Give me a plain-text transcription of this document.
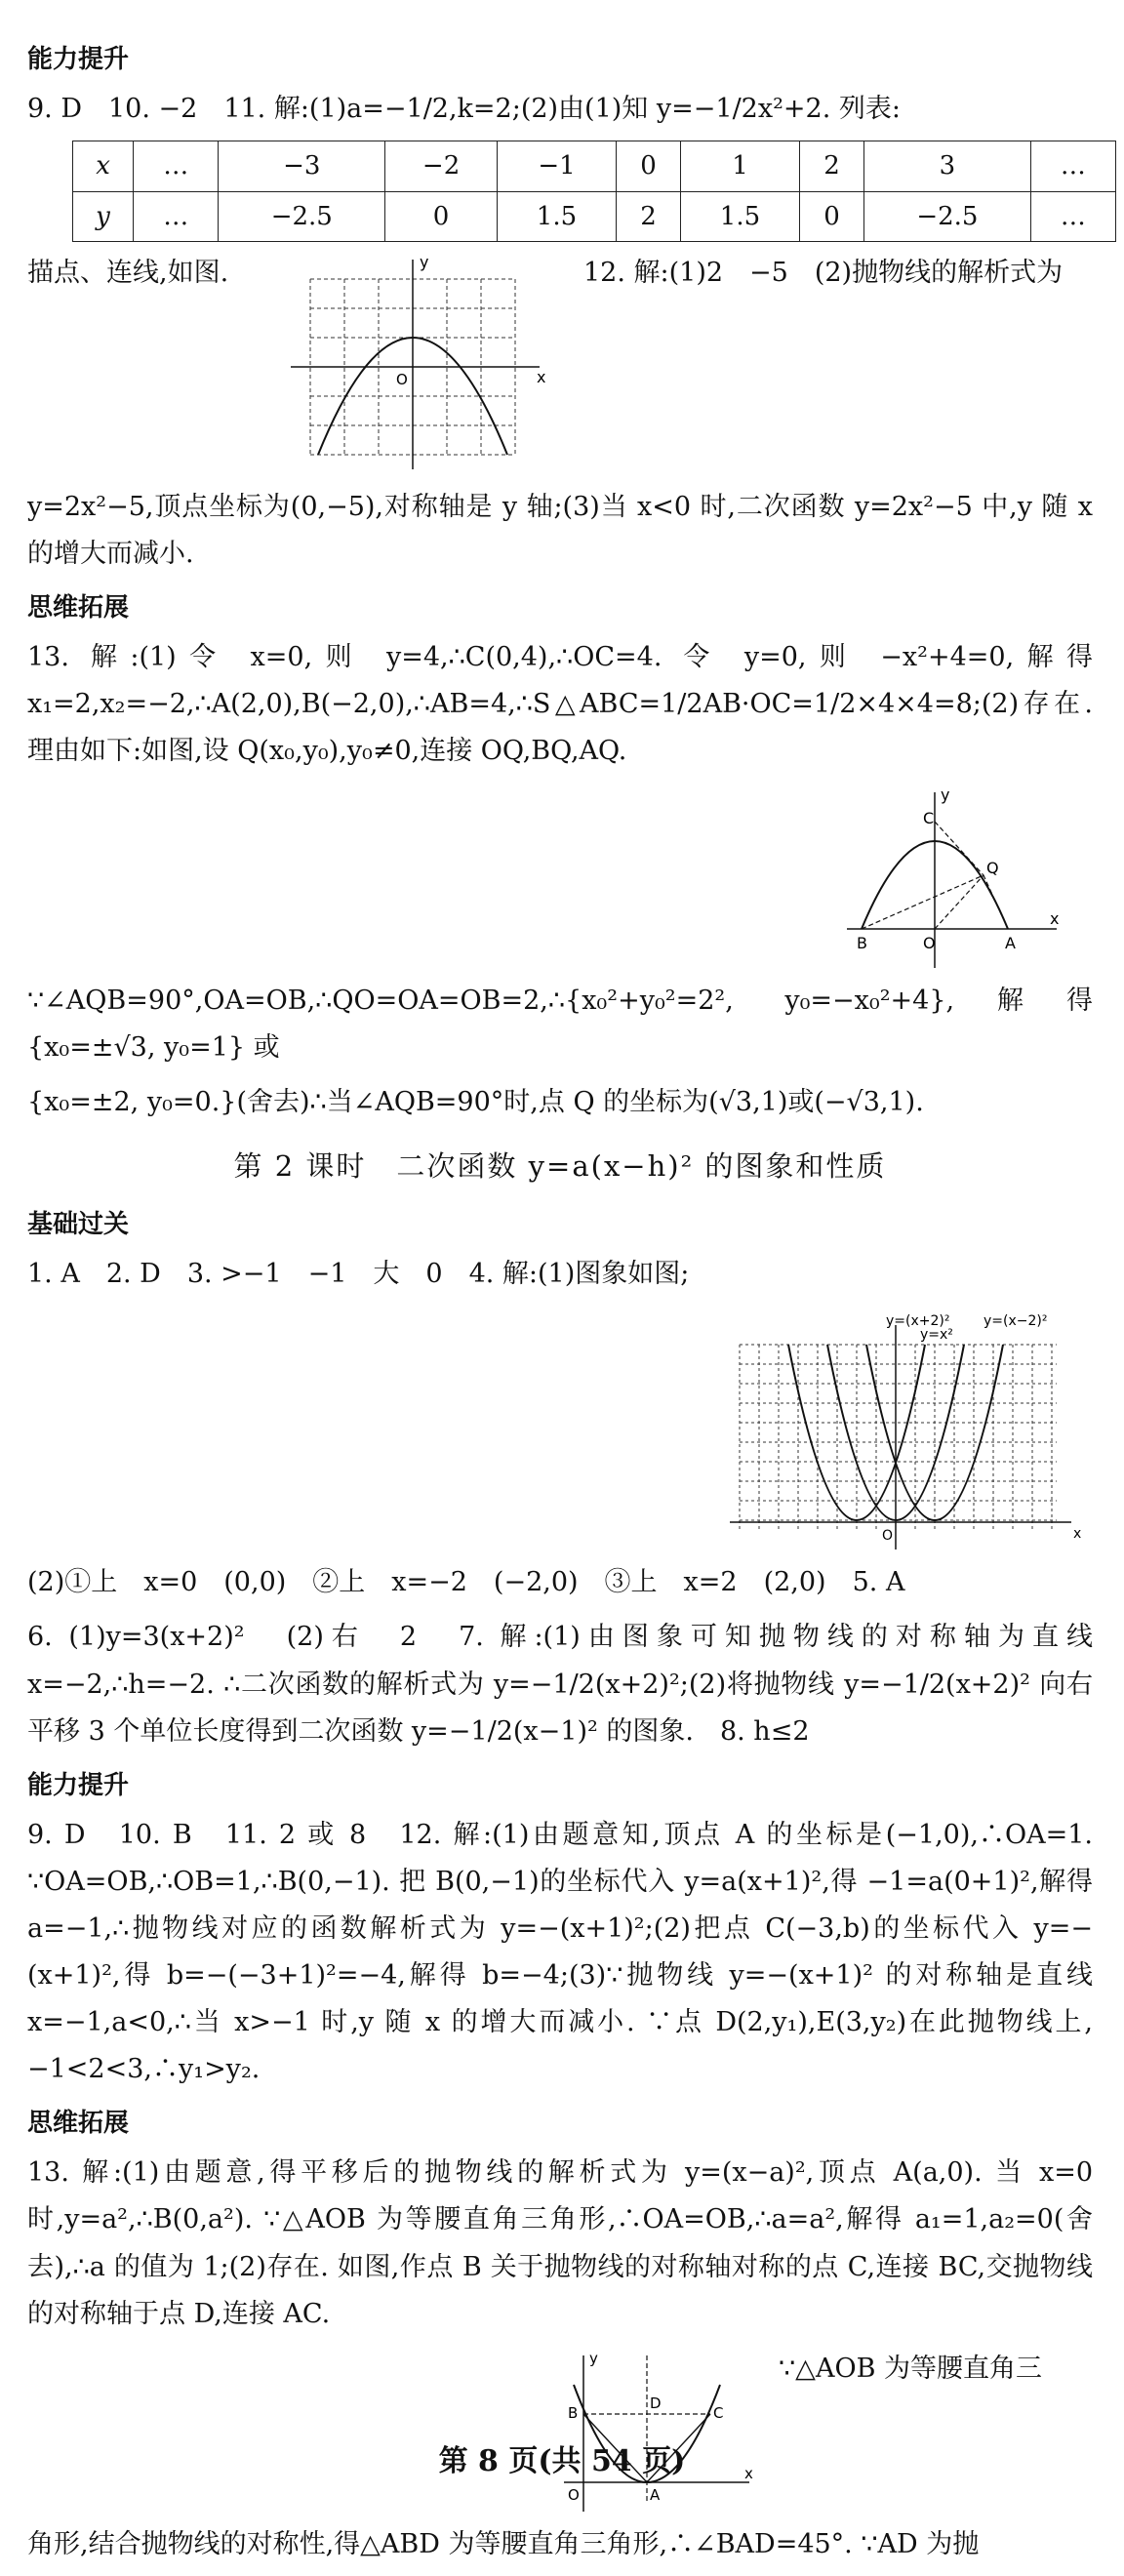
能力提升

9. D　10. −2　11. 解:(1)a=−1/2,k=2;(2)由(1)知 y=−1/2x²+2. 列表:

x	…	−3	−2	−1	0	1	2	3	…
y	…	−2.5	0	1.5	2	1.5	0	−2.5	…
描点、连线,如图.	y
x
O
12. 解:(1)2　−5　(2)抛物线的解析式为

y=2x²−5,顶点坐标为(0,−5),对称轴是 y 轴;(3)当 x<0 时,二次函数 y=2x²−5 中,y 随 x 的增大而减小.

思维拓展

13. 解:(1)令 x=0,则 y=4,∴C(0,4),∴OC=4. 令 y=0,则 −x²+4=0,解得 x₁=2,x₂=−2,∴A(2,0),B(−2,0),∴AB=4,∴S△ABC=1/2AB·OC=1/2×4×4=8;(2)存在. 理由如下:如图,设 Q(x₀,y₀),y₀≠0,连接 OQ,BQ,AQ.

y
x
C
Q
B	O	A

∵∠AQB=90°,OA=OB,∴QO=OA=OB=2,∴{x₀²+y₀²=2², y₀=−x₀²+4},解得 {x₀=±√3, y₀=1} 或

{x₀=±2, y₀=0.}(舍去)∴当∠AQB=90°时,点 Q 的坐标为(√3,1)或(−√3,1).

第 2 课时　二次函数 y=a(x−h)² 的图象和性质
基础过关

1. A　2. D　3. >−1　−1　大　0　4. 解:(1)图象如图;

y=(x+2)²
y=x²
y=(x−2)²
O	x

(2)①上　x=0　(0,0)　②上　x=−2　(−2,0)　③上　x=2　(2,0)　5. A

6. (1)y=3(x+2)²　(2)右　2　7. 解:(1)由图象可知抛物线的对称轴为直线 x=−2,∴h=−2. ∴二次函数的解析式为 y=−1/2(x+2)²;(2)将抛物线 y=−1/2(x+2)² 向右平移 3 个单位长度得到二次函数 y=−1/2(x−1)² 的图象.　8. h≤2

能力提升

9. D　10. B　11. 2 或 8　12. 解:(1)由题意知,顶点 A 的坐标是(−1,0),∴OA=1. ∵OA=OB,∴OB=1,∴B(0,−1). 把 B(0,−1)的坐标代入 y=a(x+1)²,得 −1=a(0+1)²,解得 a=−1,∴抛物线对应的函数解析式为 y=−(x+1)²;(2)把点 C(−3,b)的坐标代入 y=−(x+1)²,得 b=−(−3+1)²=−4,解得 b=−4;(3)∵抛物线 y=−(x+1)² 的对称轴是直线 x=−1,a<0,∴当 x>−1 时,y 随 x 的增大而减小. ∵点 D(2,y₁),E(3,y₂)在此抛物线上,−1<2<3,∴y₁>y₂.

思维拓展

13. 解:(1)由题意,得平移后的抛物线的解析式为 y=(x−a)²,顶点 A(a,0). 当 x=0 时,y=a²,∴B(0,a²). ∵△AOB 为等腰直角三角形,∴OA=OB,∴a=a²,解得 a₁=1,a₂=0(舍去),∴a 的值为 1;(2)存在. 如图,作点 B 关于抛物线的对称轴对称的点 C,连接 BC,交抛物线的对称轴于点 D,连接 AC.

y
x
B
D
C
O	A
∵△AOB 为等腰直角三

角形,结合抛物线的对称性,得△ABD 为等腰直角三角形,∴∠BAD=45°. ∵AD 为抛

第 8 页(共 54 页)
